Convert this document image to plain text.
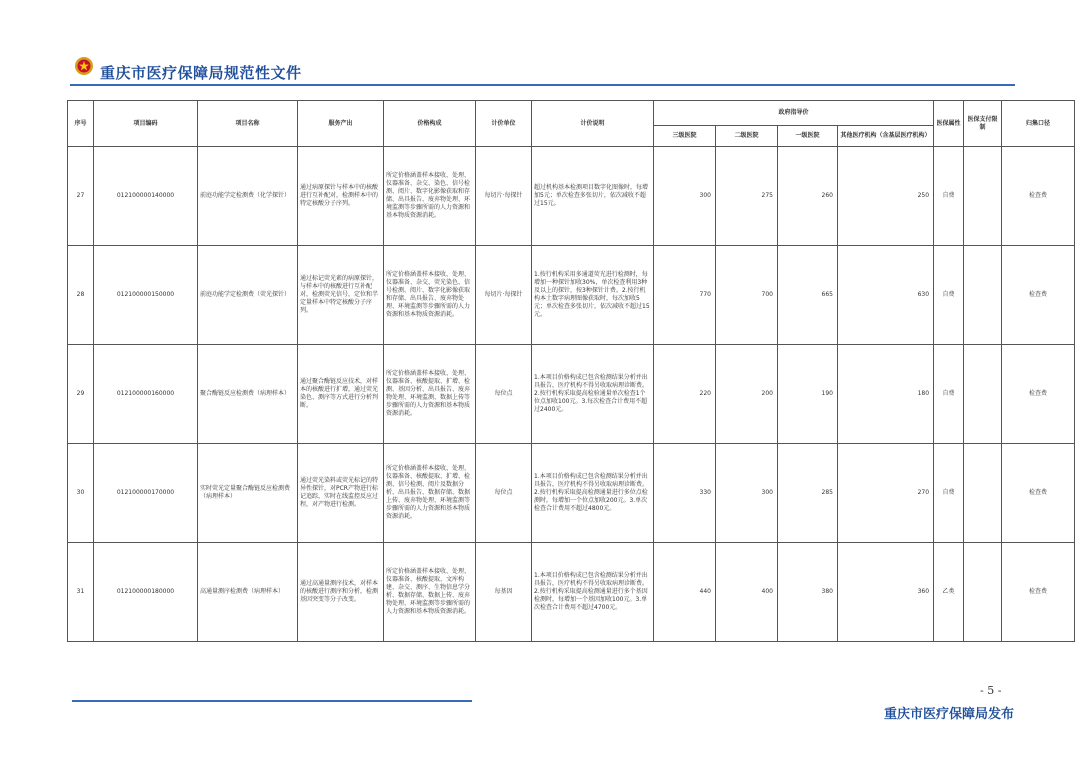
重庆市医疗保障局规范性文件
序号	项目编码	项目名称	服务产出	价格构成	计价单位	计价说明	政府指导价				医保属性	医保支付限制	归集口径
							三级医院	二级医院	一级医院	其他医疗机构（含基层医疗机构）			
27	012100000140000	前庭功能学定检测费（化学探针）	通过病原探针与样本中的核酸进行互补配对，检测样本中的特定核酸分子序列。	所定价格涵盖样本接收、处理、仪器准备、杂交、染色、信号检测、阅片、数字化影像获取和存储、出具报告、废弃物处理、环境监测等步骤所需的人力资源和基本物质资源消耗。	每切片·每探针	超过机构基本检测项目数字化图像时，每增加5元；单次检查多张切片，依次减收不超过15元。	300	275	260	250	自费		检查费
28	012100000150000	前庭功能学定检测费（荧光探针）	通过标记荧光素的病原探针，与样本中的核酸进行互补配对，检测荧光信号，定位和半定量样本中特定核酸分子序列。	所定价格涵盖样本接收、处理、仪器准备、杂交、荧光染色、信号检测、阅片、数字化影像获取和存储、出具报告、废弃物处理、环境监测等步骤所需的人力资源和基本物质资源消耗。	每切片·每探针	1.按行机构采用多通道荧光进行检测时，每增加一种探针加收30%，单次检查利用3种及以上的探针，按3种探针计费。2.按行机构本土数字病理图像获取时，每次加收5元；单次检查多张切片，依次减收不超过15元。	770	700	665	630	自费		检查费
29	012100000160000	聚合酶链反应检测费（病理样本）	通过聚合酶链反应技术，对样本的核酸进行扩增，通过荧光染色、测序等方式进行分析判断。	所定价格涵盖样本接收、处理、仪器准备、核酸提取、扩增、检测、基因分析、出具报告、废弃物处理、环境监测、数据上传等步骤所需的人力资源和基本物质资源消耗。	每位点	1.本项目价格构成已包含检测结果分析并出具报告，医疗机构不得另收取病理诊断费。2.按行机构采取提高检验通量单次检查1个位点加收100元。3.每次检查合计费用不超过2400元。	220	200	190	180	自费		检查费
30	012100000170000	实时荧光定量聚合酶链反应检测费（病理样本）	通过荧光染料或荧光标记的特异性探针，对PCR产物进行标记追踪，实时在线监控反应过程，对产物进行检测。	所定价格涵盖样本接收、处理、仪器准备、核酸提取、扩增、检测、信号检测、阅片及数据分析、出具报告、数据存储、数据上传、废弃物处理、环境监测等步骤所需的人力资源和基本物质资源消耗。	每位点	1.本项目价格构成已包含检测结果分析并出具报告，医疗机构不得另收取病理诊断费。2.按行机构采取提高检测通量进行多位点检测时，每增加一个位点加收200元。3.单次检查合计费用不超过4800元。	330	300	285	270	自费		检查费
31	012100000180000	高通量测序检测费（病理样本）	通过高通量测序技术，对样本的核酸进行测序和分析，检测基因突变等分子改变。	所定价格涵盖样本接收、处理、仪器准备、核酸提取、文库构建、杂交、测序、生物信息学分析、数据存储、数据上传、废弃物处理、环境监测等步骤所需的人力资源和基本物质资源消耗。	每基因	1.本项目价格构成已包含检测结果分析并出具报告，医疗机构不得另收取病理诊断费。2.按行机构采取提高检测通量进行多个基因检测时，每增加一个基因加收100元。3.单次检查合计费用不超过4700元。	440	400	380	360	乙类		检查费
- 5 -
重庆市医疗保障局发布
